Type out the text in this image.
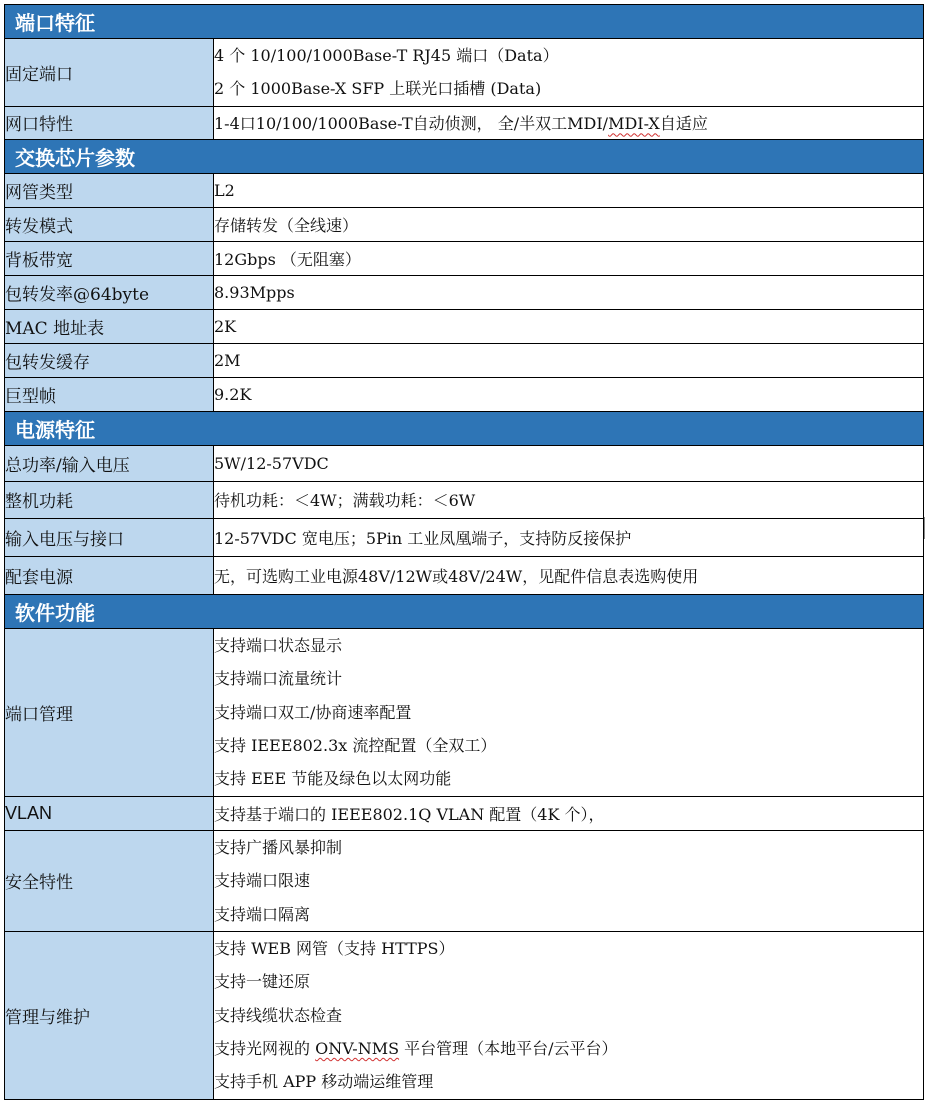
端口特征	
固定端口	4 个 10/100/1000Base-T RJ45 端口（Data）
2 个 1000Base-X SFP 上联光口插槽 (Data)

网口特性	1-4口10/100/1000Base-T自动侦测， 全/半双工MDI/MDI-X自适应
交换芯片参数	
网管类型	L2
转发模式	存储转发（全线速）
背板带宽	12Gbps （无阻塞）
包转发率@64byte	8.93Mpps
MAC 地址表	2K
包转发缓存	2M
巨型帧	9.2K
电源特征	
总功率/输入电压	5W/12-57VDC
整机功耗	待机功耗：＜4W；满载功耗：＜6W
输入电压与接口	12-57VDC 宽电压；5Pin 工业凤凰端子，支持防反接保护
配套电源	无，可选购工业电源48V/12W或48V/24W，见配件信息表选购使用
软件功能	
端口管理	支持端口状态显示
支持端口流量统计
支持端口双工/协商速率配置
支持 IEEE802.3x 流控配置（全双工）
支持 EEE 节能及绿色以太网功能

VLAN	支持基于端口的 IEEE802.1Q VLAN 配置（4K 个），
安全特性	支持广播风暴抑制
支持端口限速
支持端口隔离

管理与维护	支持 WEB 网管（支持 HTTPS）
支持一键还原
支持线缆状态检查
支持光网视的 ONV-NMS 平台管理（本地平台/云平台）
支持手机 APP 移动端运维管理
